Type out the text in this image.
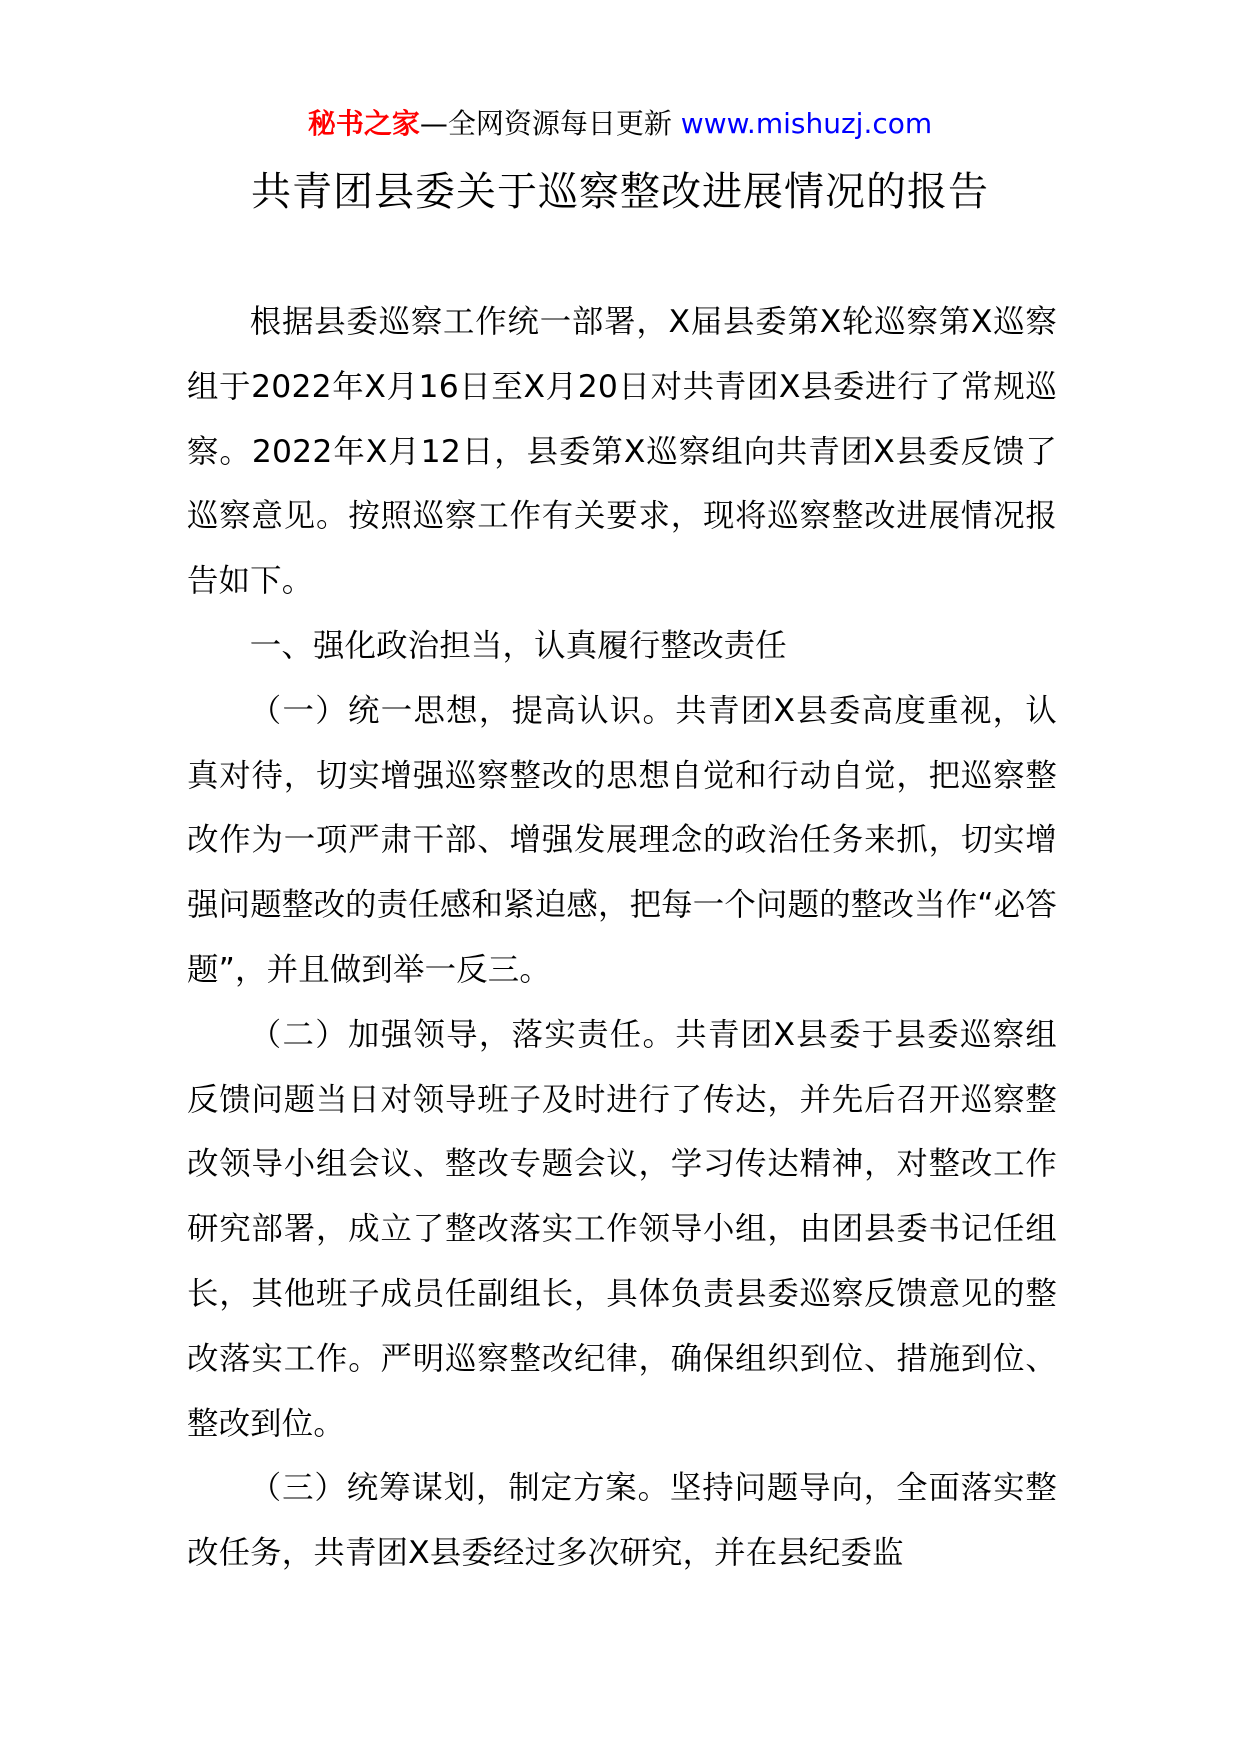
秘书之家—全网资源每日更新 www.mishuzj.com
共青团县委关于巡察整改进展情况的报告

根据县委巡察工作统一部署，X届县委第X轮巡察第X巡察组于2022年X月16日至X月20日对共青团X县委进行了常规巡察。2022年X月12日，县委第X巡察组向共青团X县委反馈了巡察意见。按照巡察工作有关要求，现将巡察整改进展情况报告如下。

一、强化政治担当，认真履行整改责任

（一）统一思想，提高认识。共青团X县委高度重视，认真对待，切实增强巡察整改的思想自觉和行动自觉，把巡察整改作为一项严肃干部、增强发展理念的政治任务来抓，切实增强问题整改的责任感和紧迫感，把每一个问题的整改当作“必答题”，并且做到举一反三。

（二）加强领导，落实责任。共青团X县委于县委巡察组反馈问题当日对领导班子及时进行了传达，并先后召开巡察整改领导小组会议、整改专题会议，学习传达精神，对整改工作研究部署，成立了整改落实工作领导小组，由团县委书记任组长，其他班子成员任副组长，具体负责县委巡察反馈意见的整改落实工作。严明巡察整改纪律，确保组织到位、措施到位、整改到位。

（三）统筹谋划，制定方案。坚持问题导向，全面落实整改任务，共青团X县委经过多次研究，并在县纪委监
